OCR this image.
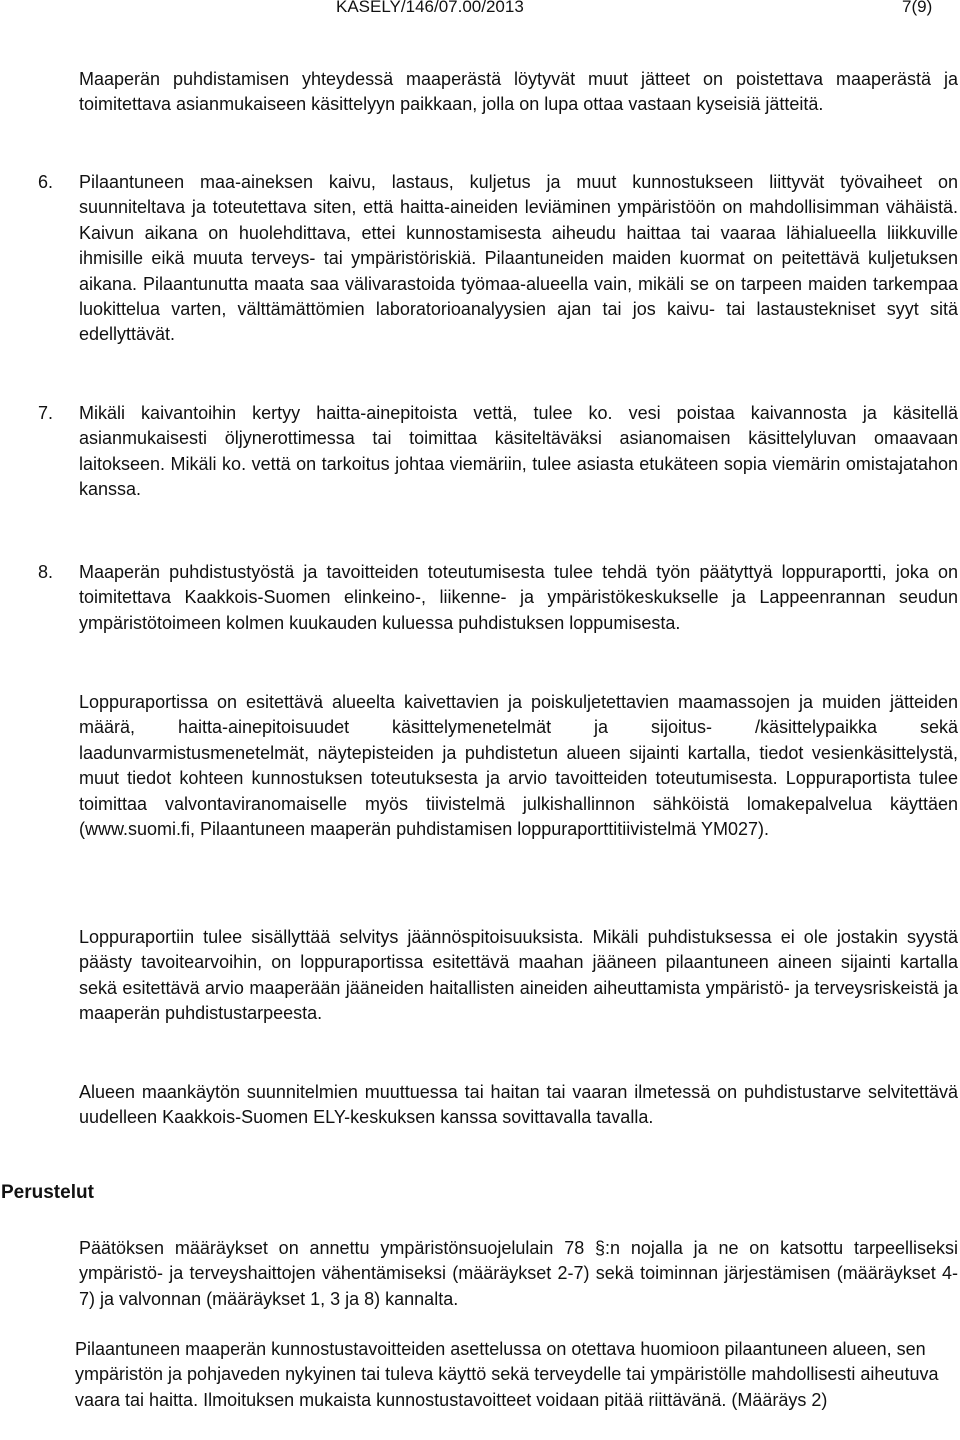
KASELY/146/07.00/2013	7(9)

Maaperän puhdistamisen yhteydessä maaperästä löytyvät muut jätteet on poistettava maaperästä ja toimitettava asianmukaiseen käsittelyyn paikkaan, jolla on lupa ottaa vastaan kyseisiä jätteitä.

6. Pilaantuneen maa-aineksen kaivu, lastaus, kuljetus ja muut kunnostukseen liittyvät työvaiheet on suunniteltava ja toteutettava siten, että haitta-aineiden leviäminen ympäristöön on mahdollisimman vähäistä. Kaivun aikana on huolehdittava, ettei kunnostamisesta aiheudu haittaa tai vaaraa lähialueella liikkuville ihmisille eikä muuta terveys- tai ympäristöriskiä. Pilaantuneiden maiden kuormat on peitettävä kuljetuksen aikana. Pilaantunutta maata saa välivarastoida työmaa-alueella vain, mikäli se on tarpeen maiden tarkempaa luokittelua varten, välttämättömien laboratorioanalyysien ajan tai jos kaivu- tai lastaustekniset syyt sitä edellyttävät.

7. Mikäli kaivantoihin kertyy haitta-ainepitoista vettä, tulee ko. vesi poistaa kaivannosta ja käsitellä asianmukaisesti öljynerottimessa tai toimittaa käsiteltäväksi asianomaisen käsittelyluvan omaavaan laitokseen. Mikäli ko. vettä on tarkoitus johtaa viemäriin, tulee asiasta etukäteen sopia viemärin omistajatahon kanssa.

8. Maaperän puhdistustyöstä ja tavoitteiden toteutumisesta tulee tehdä työn päätyttyä loppuraportti, joka on toimitettava Kaakkois-Suomen elinkeino-, liikenne- ja ympäristökeskukselle ja Lappeenrannan seudun ympäristötoimeen kolmen kuukauden kuluessa puhdistuksen loppumisesta.

Loppuraportissa on esitettävä alueelta kaivettavien ja poiskuljetettavien maamassojen ja muiden jätteiden määrä, haitta-ainepitoisuudet käsittelymenetelmät ja sijoitus- /käsittelypaikka sekä laadunvarmistusmenetelmät, näytepisteiden ja puhdistetun alueen sijainti kartalla, tiedot vesienkäsittelystä, muut tiedot kohteen kunnostuksen toteutuksesta ja arvio tavoitteiden toteutumisesta. Loppuraportista tulee toimittaa valvontaviranomaiselle myös tiivistelmä julkishallinnon sähköistä lomakepalvelua käyttäen (www.suomi.fi, Pilaantuneen maaperän puhdistamisen loppuraporttitiivistelmä YM027).

Loppuraportiin tulee sisällyttää selvitys jäännöspitoisuuksista. Mikäli puhdistuksessa ei ole jostakin syystä päästy tavoitearvoihin, on loppuraportissa esitettävä maahan jääneen pilaantuneen aineen sijainti kartalla sekä esitettävä arvio maaperään jääneiden haitallisten aineiden aiheuttamista ympäristö- ja terveysriskeistä ja maaperän puhdistustarpeesta.

Alueen maankäytön suunnitelmien muuttuessa tai haitan tai vaaran ilmetessä on puhdistustarve selvitettävä uudelleen Kaakkois-Suomen ELY-keskuksen kanssa sovittavalla tavalla.

Perustelut

Päätöksen määräykset on annettu ympäristönsuojelulain 78 §:n nojalla ja ne on katsottu tarpeelliseksi ympäristö- ja terveyshaittojen vähentämiseksi (määräykset 2-7) sekä toiminnan järjestämisen (määräykset 4-7) ja valvonnan (määräykset 1, 3 ja 8) kannalta.

Pilaantuneen maaperän kunnostustavoitteiden asettelussa on otettava huomioon pilaantuneen alueen, sen ympäristön ja pohjaveden nykyinen tai tuleva käyttö sekä terveydelle tai ympäristölle mahdollisesti aiheutuva vaara tai haitta. Ilmoituksen mukaista kunnostustavoitteet voidaan pitää riittävänä. (Määräys 2)
